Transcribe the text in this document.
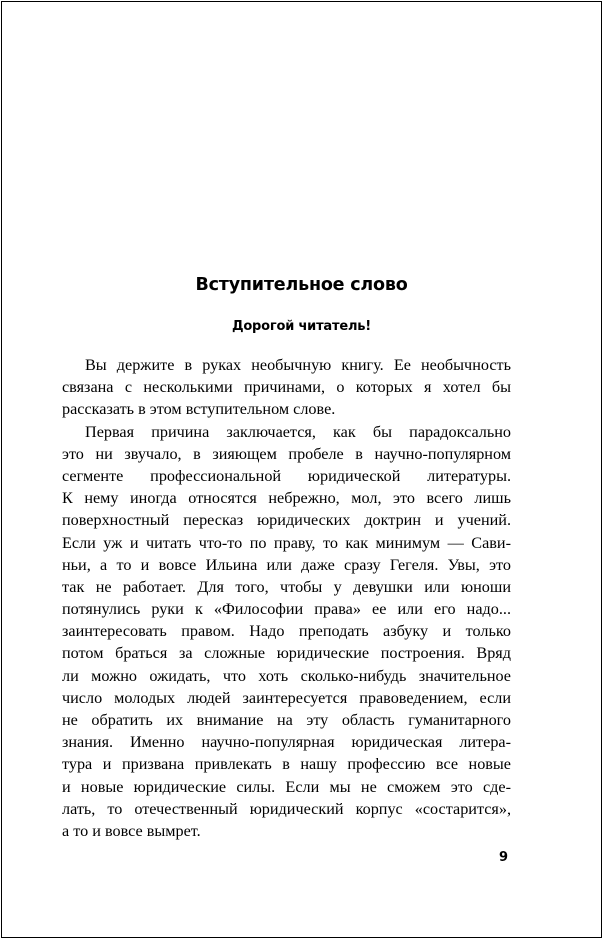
Вступительное слово
Дорогой читатель!
Вы держите в руках необычную книгу. Ее необычность
связана с несколькими причинами, о которых я хотел бы
рассказать в этом вступительном слове.
Первая причина заключается, как бы парадоксально
это ни звучало, в зияющем пробеле в научно-популярном
сегменте профессиональной юридической литературы.
К нему иногда относятся небрежно, мол, это всего лишь
поверхностный пересказ юридических доктрин и учений.
Если уж и читать что-то по праву, то как минимум — Сави-
ньи, а то и вовсе Ильина или даже сразу Гегеля. Увы, это
так не работает. Для того, чтобы у девушки или юноши
потянулись руки к «Философии права» ее или его надо...
заинтересовать правом. Надо преподать азбуку и только
потом браться за сложные юридические построения. Вряд
ли можно ожидать, что хоть сколько-нибудь значительное
число молодых людей заинтересуется правоведением, если
не обратить их внимание на эту область гуманитарного
знания. Именно научно-популярная юридическая литера-
тура и призвана привлекать в нашу профессию все новые
и новые юридические силы. Если мы не сможем это сде-
лать, то отечественный юридический корпус «состарится»,
а то и вовсе вымрет.
9
